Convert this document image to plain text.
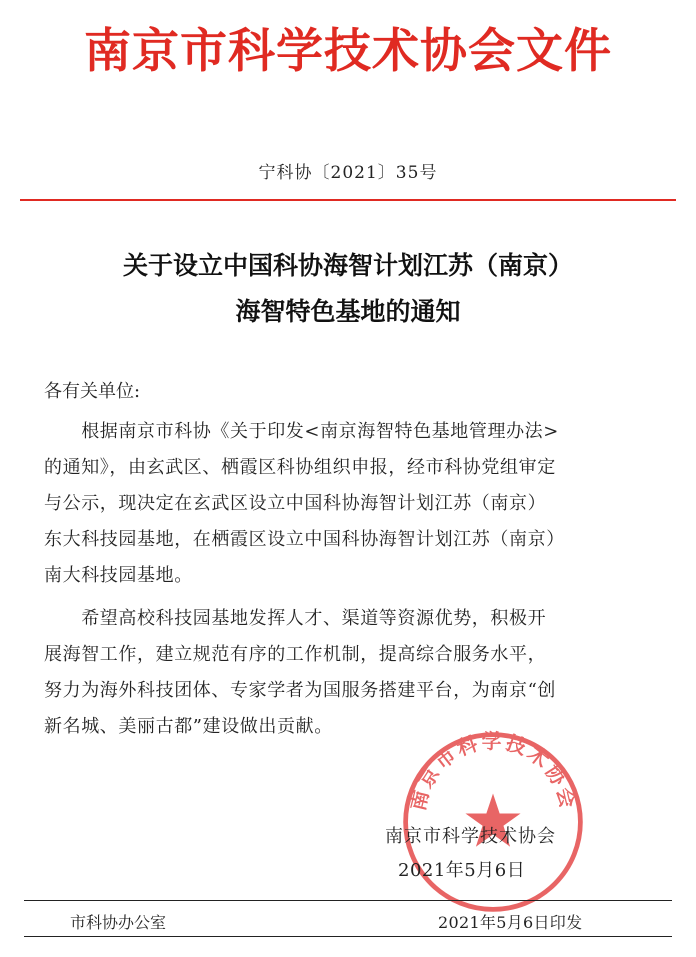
南京市科学技术协会文件
宁科协〔2021〕35号
关于设立中国科协海智计划江苏（南京）
海智特色基地的通知
各有关单位:
　　根据南京市科协《关于印发<南京海智特色基地管理办法>
的通知》，由玄武区、栖霞区科协组织申报，经市科协党组审定
与公示，现决定在玄武区设立中国科协海智计划江苏（南京）
东大科技园基地，在栖霞区设立中国科协海智计划江苏（南京）
南大科技园基地。
　　希望高校科技园基地发挥人才、渠道等资源优势，积极开
展海智工作，建立规范有序的工作机制，提高综合服务水平，
努力为海外科技团体、专家学者为国服务搭建平台，为南京“创
新名城、美丽古都”建设做出贡献。
南京市科学技术协会
南京市科学技术协会
2021年5月6日
市科协办公室	2021年5月6日印发
